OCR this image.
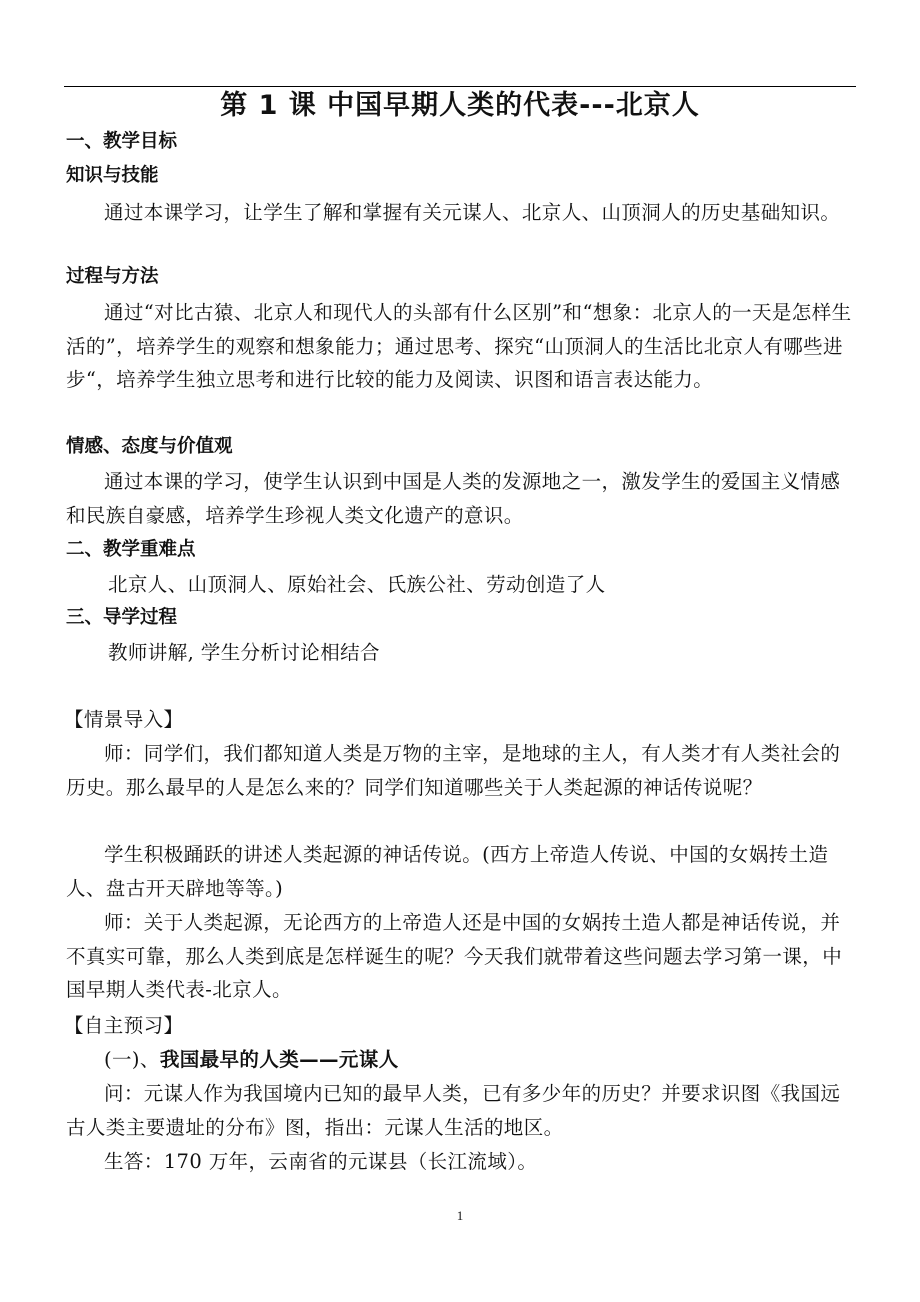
第 1 课 中国早期人类的代表---北京人
一、教学目标
知识与技能
通过本课学习，让学生了解和掌握有关元谋人、北京人、山顶洞人的历史基础知识。
过程与方法
通过“对比古猿、北京人和现代人的头部有什么区别”和“想象：北京人的一天是怎样生活的”，培养学生的观察和想象能力；通过思考、探究“山顶洞人的生活比北京人有哪些进步“，培养学生独立思考和进行比较的能力及阅读、识图和语言表达能力。
情感、态度与价值观
通过本课的学习，使学生认识到中国是人类的发源地之一，激发学生的爱国主义情感和民族自豪感，培养学生珍视人类文化遗产的意识。
二、教学重难点
北京人、山顶洞人、原始社会、氏族公社、劳动创造了人
三、导学过程
教师讲解, 学生分析讨论相结合
【情景导入】
师：同学们，我们都知道人类是万物的主宰，是地球的主人，有人类才有人类社会的历史。那么最早的人是怎么来的？同学们知道哪些关于人类起源的神话传说呢？
学生积极踊跃的讲述人类起源的神话传说。(西方上帝造人传说、中国的女娲抟土造人、盘古开天辟地等等。)
师：关于人类起源，无论西方的上帝造人还是中国的女娲抟土造人都是神话传说，并不真实可靠，那么人类到底是怎样诞生的呢？今天我们就带着这些问题去学习第一课，中国早期人类代表-北京人。
【自主预习】
(一)、我国最早的人类——元谋人
问：元谋人作为我国境内已知的最早人类，已有多少年的历史？并要求识图《我国远古人类主要遗址的分布》图，指出：元谋人生活的地区。
生答：170 万年，云南省的元谋县（长江流域）。
1
